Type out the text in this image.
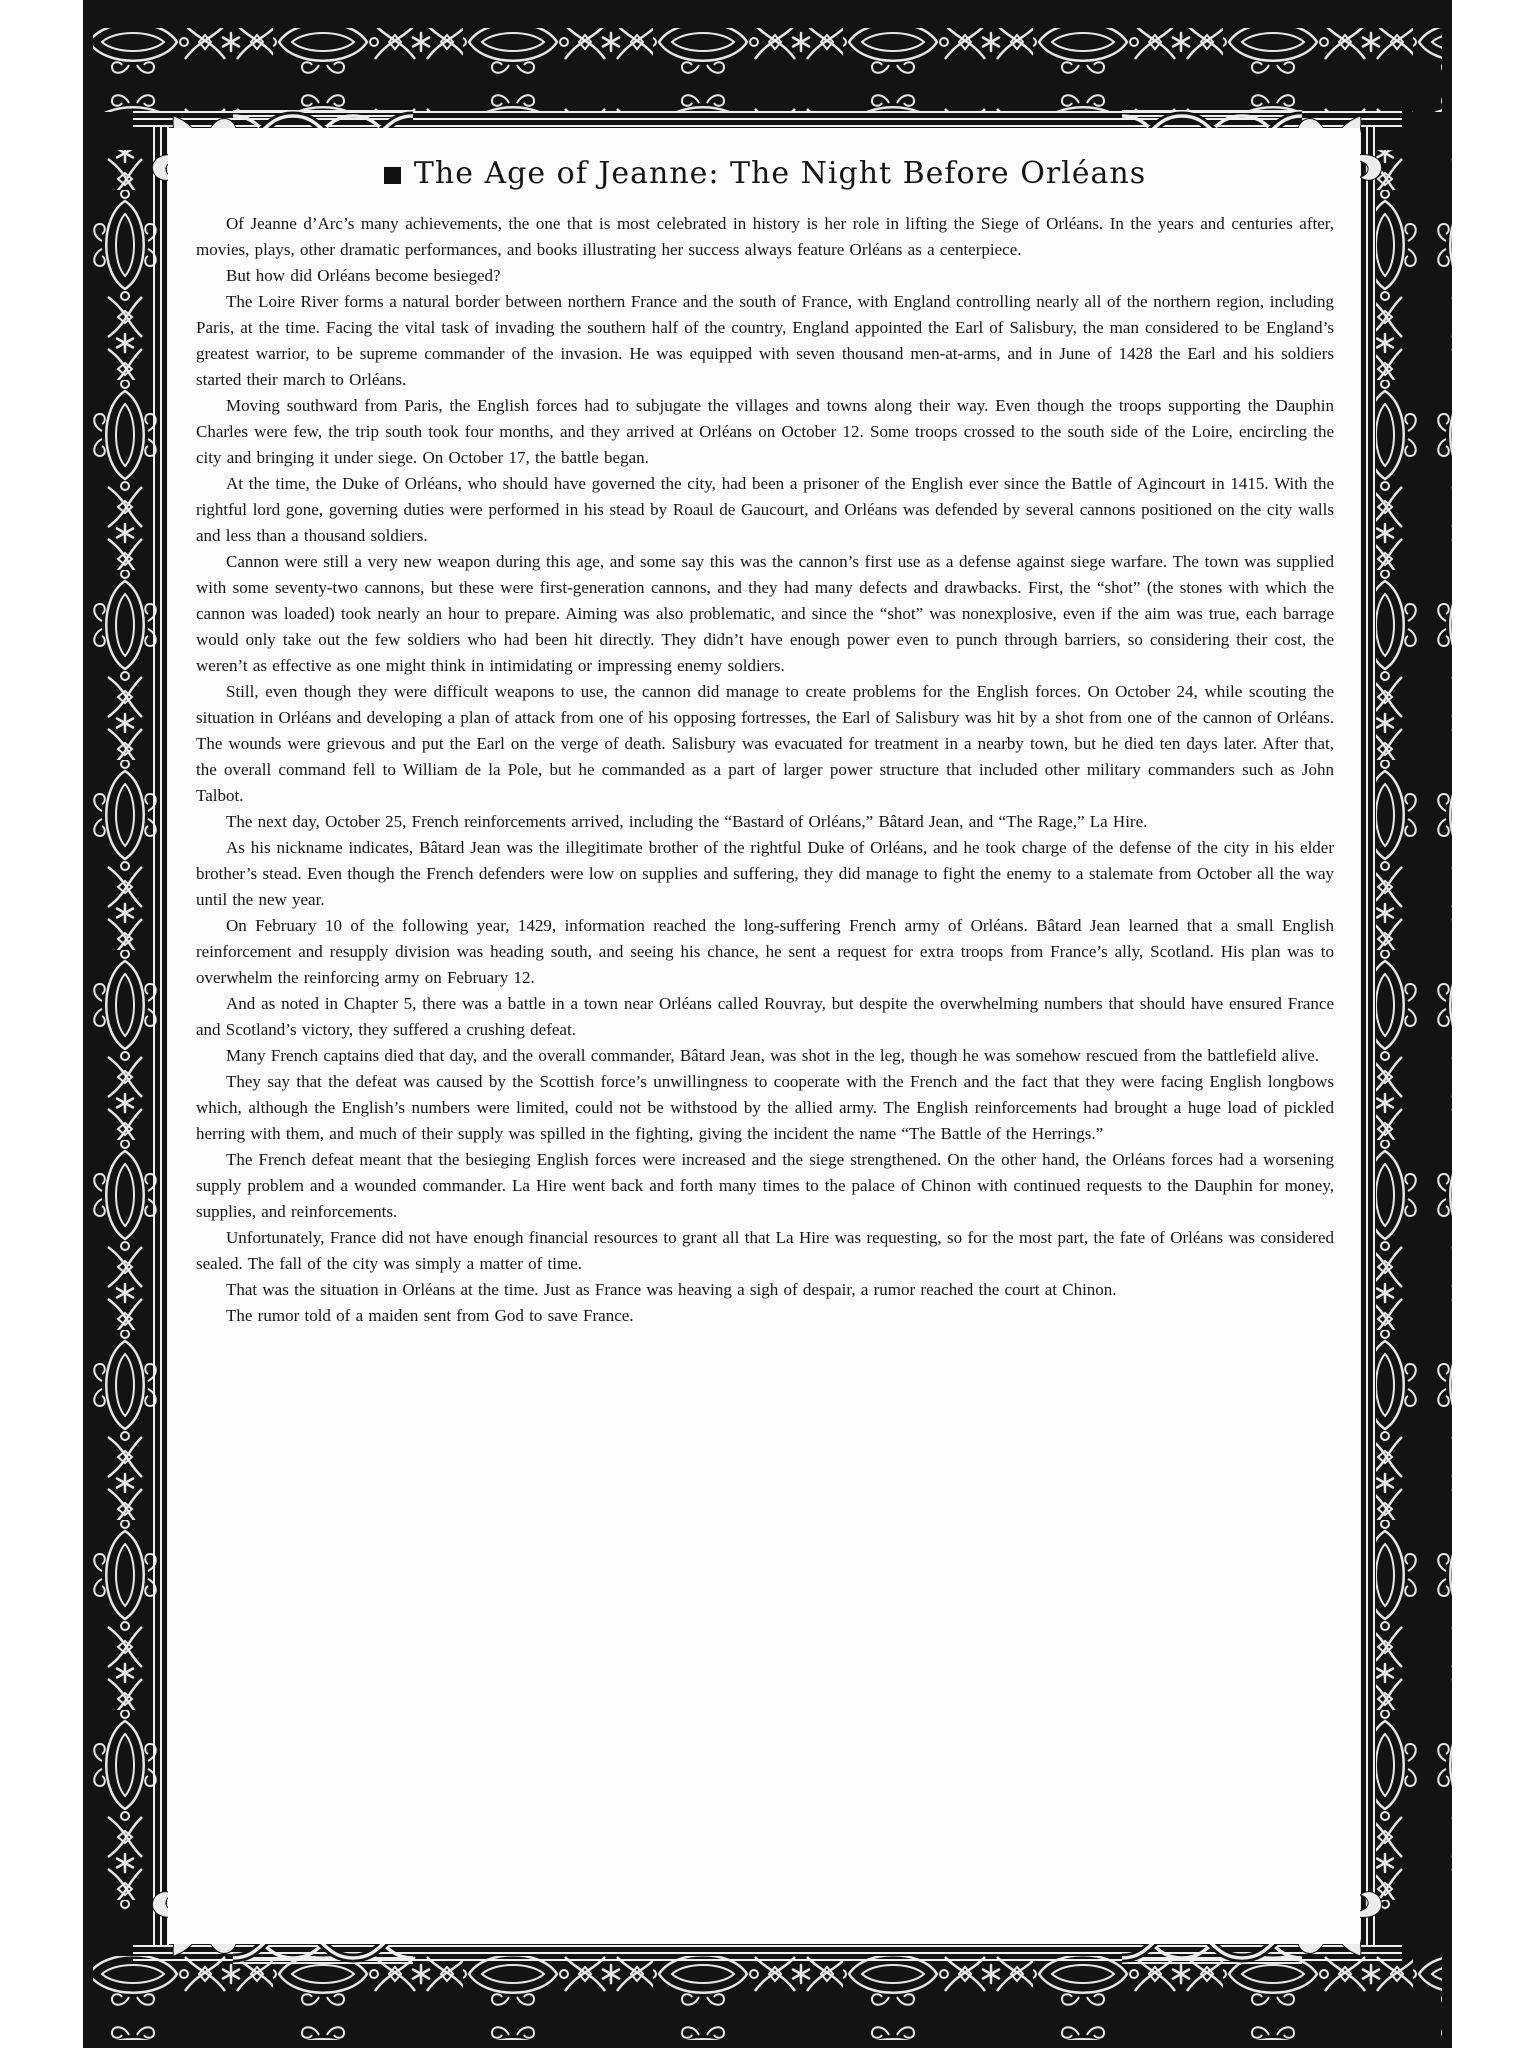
The Age of Jeanne: The Night Before Orléans

Of Jeanne d’Arc’s many achievements, the one that is most celebrated in history is her role in lifting the Siege of Orléans. In the years and centuries after, movies, plays, other dramatic performances, and books illustrating her success always feature Orléans as a centerpiece.

But how did Orléans become besieged?

The Loire River forms a natural border between northern France and the south of France, with England controlling nearly all of the northern region, including Paris, at the time. Facing the vital task of invading the southern half of the country, England appointed the Earl of Salisbury, the man considered to be England’s greatest warrior, to be supreme commander of the invasion. He was equipped with seven thousand men-at-arms, and in June of 1428 the Earl and his soldiers started their march to Orléans.

Moving southward from Paris, the English forces had to subjugate the villages and towns along their way. Even though the troops supporting the Dauphin Charles were few, the trip south took four months, and they arrived at Orléans on October 12. Some troops crossed to the south side of the Loire, encircling the city and bringing it under siege. On October 17, the battle began.

At the time, the Duke of Orléans, who should have governed the city, had been a prisoner of the English ever since the Battle of Agincourt in 1415. With the rightful lord gone, governing duties were performed in his stead by Roaul de Gaucourt, and Orléans was defended by several cannons positioned on the city walls and less than a thousand soldiers.

Cannon were still a very new weapon during this age, and some say this was the cannon’s first use as a defense against siege warfare. The town was supplied with some seventy-two cannons, but these were first-generation cannons, and they had many defects and drawbacks. First, the “shot” (the stones with which the cannon was loaded) took nearly an hour to prepare. Aiming was also problematic, and since the “shot” was nonexplosive, even if the aim was true, each barrage would only take out the few soldiers who had been hit directly. They didn’t have enough power even to punch through barriers, so considering their cost, the weren’t as effective as one might think in intimidating or impressing enemy soldiers.

Still, even though they were difficult weapons to use, the cannon did manage to create problems for the English forces. On October 24, while scouting the situation in Orléans and developing a plan of attack from one of his opposing fortresses, the Earl of Salisbury was hit by a shot from one of the cannon of Orléans. The wounds were grievous and put the Earl on the verge of death. Salisbury was evacuated for treatment in a nearby town, but he died ten days later. After that, the overall command fell to William de la Pole, but he commanded as a part of larger power structure that included other military commanders such as John Talbot.

The next day, October 25, French reinforcements arrived, including the “Bastard of Orléans,” Bâtard Jean, and “The Rage,” La Hire.

As his nickname indicates, Bâtard Jean was the illegitimate brother of the rightful Duke of Orléans, and he took charge of the defense of the city in his elder brother’s stead. Even though the French defenders were low on supplies and suffering, they did manage to fight the enemy to a stalemate from October all the way until the new year.

On February 10 of the following year, 1429, information reached the long-suffering French army of Orléans. Bâtard Jean learned that a small English reinforcement and resupply division was heading south, and seeing his chance, he sent a request for extra troops from France’s ally, Scotland. His plan was to overwhelm the reinforcing army on February 12.

And as noted in Chapter 5, there was a battle in a town near Orléans called Rouvray, but despite the overwhelming numbers that should have ensured France and Scotland’s victory, they suffered a crushing defeat.

Many French captains died that day, and the overall commander, Bâtard Jean, was shot in the leg, though he was somehow rescued from the battlefield alive.

They say that the defeat was caused by the Scottish force’s unwillingness to cooperate with the French and the fact that they were facing English longbows which, although the English’s numbers were limited, could not be withstood by the allied army. The English reinforcements had brought a huge load of pickled herring with them, and much of their supply was spilled in the fighting, giving the incident the name “The Battle of the Herrings.”

The French defeat meant that the besieging English forces were increased and the siege strengthened. On the other hand, the Orléans forces had a worsening supply problem and a wounded commander. La Hire went back and forth many times to the palace of Chinon with continued requests to the Dauphin for money, supplies, and reinforcements.

Unfortunately, France did not have enough financial resources to grant all that La Hire was requesting, so for the most part, the fate of Orléans was considered sealed. The fall of the city was simply a matter of time.

That was the situation in Orléans at the time. Just as France was heaving a sigh of despair, a rumor reached the court at Chinon.

The rumor told of a maiden sent from God to save France.
